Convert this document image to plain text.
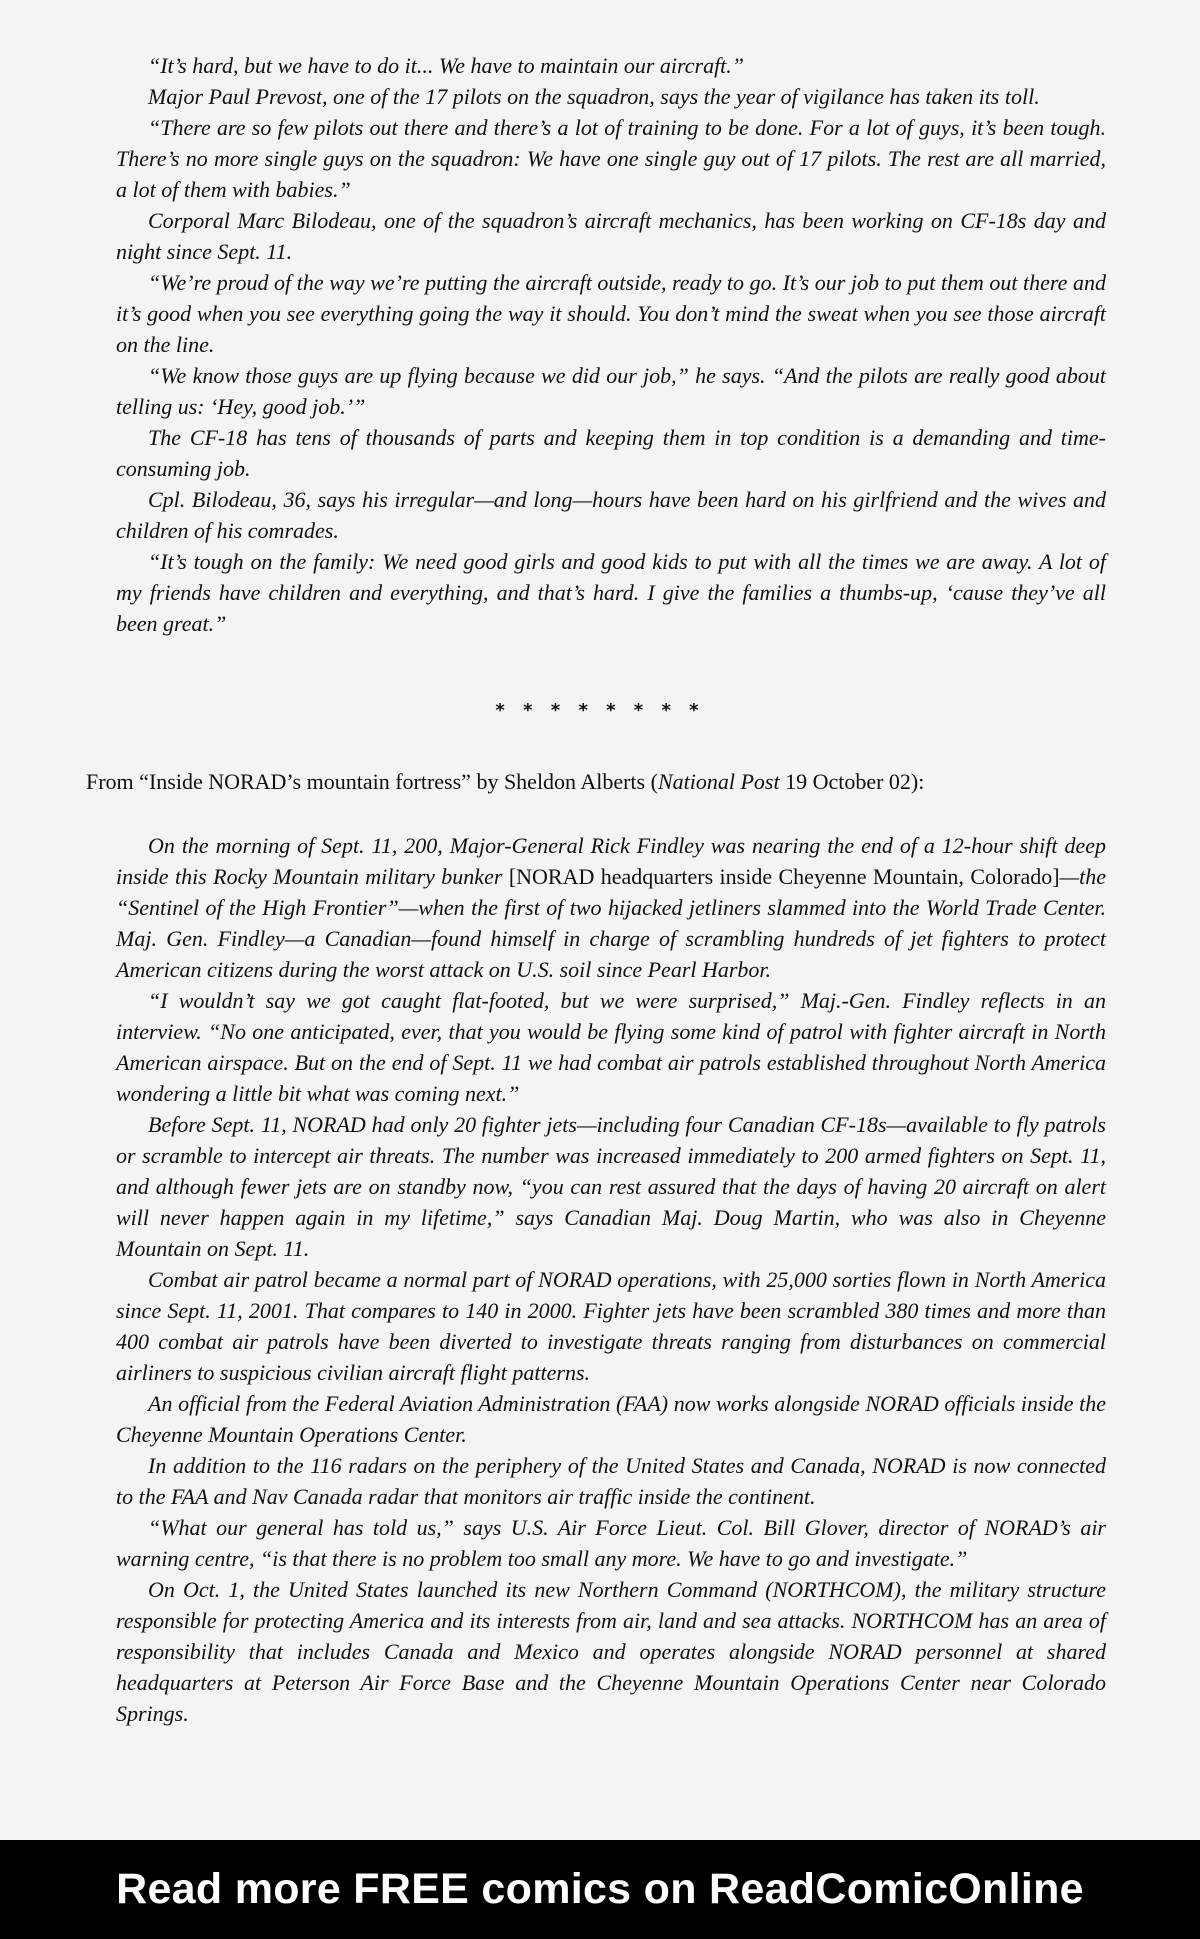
“It’s hard, but we have to do it... We have to maintain our aircraft.”

Major Paul Prevost, one of the 17 pilots on the squadron, says the year of vigilance has taken its toll.

“There are so few pilots out there and there’s a lot of training to be done. For a lot of guys, it’s been tough. There’s no more single guys on the squadron: We have one single guy out of 17 pilots. The rest are all married, a lot of them with babies.”

Corporal Marc Bilodeau, one of the squadron’s aircraft mechanics, has been working on CF-18s day and night since Sept. 11.

“We’re proud of the way we’re putting the aircraft outside, ready to go. It’s our job to put them out there and it’s good when you see everything going the way it should. You don’t mind the sweat when you see those aircraft on the line.

“We know those guys are up flying because we did our job,” he says. “And the pilots are really good about telling us: ‘Hey, good job.’”

The CF-18 has tens of thousands of parts and keeping them in top condition is a demanding and time-consuming job.

Cpl. Bilodeau, 36, says his irregular—and long—hours have been hard on his girlfriend and the wives and children of his comrades.

“It’s tough on the family: We need good girls and good kids to put with all the times we are away. A lot of my friends have children and everything, and that’s hard. I give the families a thumbs-up, ‘cause they’ve all been great.”

* * * * * * * *
From “Inside NORAD’s mountain fortress” by Sheldon Alberts (National Post 19 October 02):

On the morning of Sept. 11, 200, Major-General Rick Findley was nearing the end of a 12-hour shift deep inside this Rocky Mountain military bunker [NORAD headquarters inside Cheyenne Mountain, Colorado]—the “Sentinel of the High Frontier”—when the first of two hijacked jetliners slammed into the World Trade Center. Maj. Gen. Findley—a Canadian—found himself in charge of scrambling hundreds of jet fighters to protect American citizens during the worst attack on U.S. soil since Pearl Harbor.

“I wouldn’t say we got caught flat-footed, but we were surprised,” Maj.-Gen. Findley reflects in an interview. “No one anticipated, ever, that you would be flying some kind of patrol with fighter aircraft in North American airspace. But on the end of Sept. 11 we had combat air patrols established throughout North America wondering a little bit what was coming next.”

Before Sept. 11, NORAD had only 20 fighter jets—including four Canadian CF-18s—available to fly patrols or scramble to intercept air threats. The number was increased immediately to 200 armed fighters on Sept. 11, and although fewer jets are on standby now, “you can rest assured that the days of having 20 aircraft on alert will never happen again in my lifetime,” says Canadian Maj. Doug Martin, who was also in Cheyenne Mountain on Sept. 11.

Combat air patrol became a normal part of NORAD operations, with 25,000 sorties flown in North America since Sept. 11, 2001. That compares to 140 in 2000. Fighter jets have been scrambled 380 times and more than 400 combat air patrols have been diverted to investigate threats ranging from disturbances on commercial airliners to suspicious civilian aircraft flight patterns.

An official from the Federal Aviation Administration (FAA) now works alongside NORAD officials inside the Cheyenne Mountain Operations Center.

In addition to the 116 radars on the periphery of the United States and Canada, NORAD is now connected to the FAA and Nav Canada radar that monitors air traffic inside the continent.

“What our general has told us,” says U.S. Air Force Lieut. Col. Bill Glover, director of NORAD’s air warning centre, “is that there is no problem too small any more. We have to go and investigate.”

On Oct. 1, the United States launched its new Northern Command (NORTHCOM), the military structure responsible for protecting America and its interests from air, land and sea attacks. NORTHCOM has an area of responsibility that includes Canada and Mexico and operates alongside NORAD personnel at shared headquarters at Peterson Air Force Base and the Cheyenne Mountain Operations Center near Colorado Springs.

Read more FREE comics on ReadComicOnline
